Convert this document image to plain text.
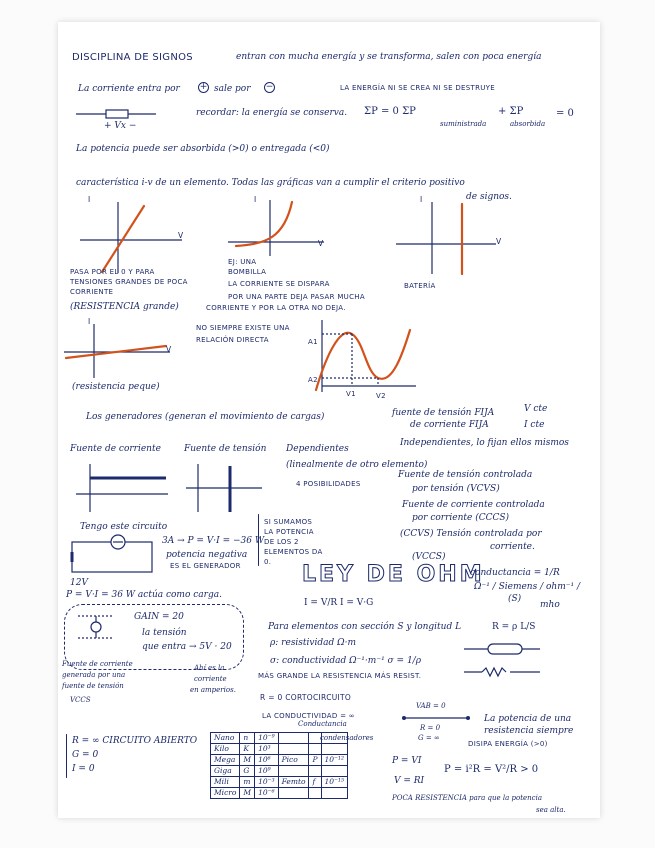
DISCIPLINA DE SIGNOS	entran con mucha energía y se transforma, salen con poca energía
La corriente entra por + sale por −	LA ENERGÍA NI SE CREA NI SE DESTRUYE
+ Vx −
recordar: la energía se conserva. ΣP = 0 ΣP	+ ΣP	= 0
suministrada	absorbida
La potencia puede ser absorbida (>0) o entregada (<0)
característica i-v de un elemento. Todas las gráficas van a cumplir el criterio positivo
de signos.
I
V
PASA POR EL 0 Y PARA
TENSIONES GRANDES DE POCA
CORRIENTE
(RESISTENCIA grande)
I
V
EJ: UNA
BOMBILLA
LA CORRIENTE SE DISPARA
POR UNA PARTE DEJA PASAR MUCHA
CORRIENTE Y POR LA OTRA NO DEJA.
I
V
BATERÍA
I
V
(resistencia peque)
NO SIEMPRE EXISTE UNA
RELACIÓN DIRECTA	A1
A2
V1	V2
Los generadores (generan el movimiento de cargas)	fuente de tensión FIJA
de corriente FIJA
V cte
I cte
Independientes, lo fijan ellos mismos
Dependientes
(linealmente de otro elemento)
4 POSIBILIDADES
Fuente de tensión controlada
por tensión (VCVS)
Fuente de corriente controlada
por corriente (CCCS)
(CCVS) Tensión controlada por
corriente.
(VCCS)
Fuente de corriente	Fuente de tensión
Tengo este circuito
3A → P = V·I = −36 W
potencia negativa
ES EL GENERADOR
12V
P = V·I = 36 W actúa como carga.
SI SUMAMOS
LA POTENCIA
DE LOS 2
ELEMENTOS DA
0.
GAIN = 20
la tensión
que entra → 5V · 20
Fuente de corriente
generada por una
fuente de tensión
VCCS
Ahí es la
corriente
en amperios.
LEY DE OHM
conductancia = 1/R
Ω⁻¹ / Siemens / ohm⁻¹ /
(S)
mho
I = V/R I = V·G
Para elementos con sección S y longitud L	R = ρ L/S
ρ: resistividad Ω·m
σ: conductividad Ω⁻¹·m⁻¹ σ = 1/ρ
MÁS GRANDE LA RESISTENCIA MÁS RESIST.
R = 0 CORTOCIRCUITO
LA CONDUCTIVIDAD = ∞
VAB = 0
R = 0
G = ∞
La potencia de una
resistencia siempre
DISIPA ENERGÍA (>0)
P = VI
V = RI
P = i²R = V²/R > 0
POCA RESISTENCIA para que la potencia
sea alta.
R = ∞ CIRCUITO ABIERTO
G = 0
I = 0
Conductancia
condensadores
Nano	n	10⁻⁹			
Kilo	K	10³			
Mega	M	10⁶	Pico	P	10⁻¹²
Giga	G	10⁹			
Mili	m	10⁻³	Femto	f	10⁻¹⁵
Micro	M	10⁻⁶			
